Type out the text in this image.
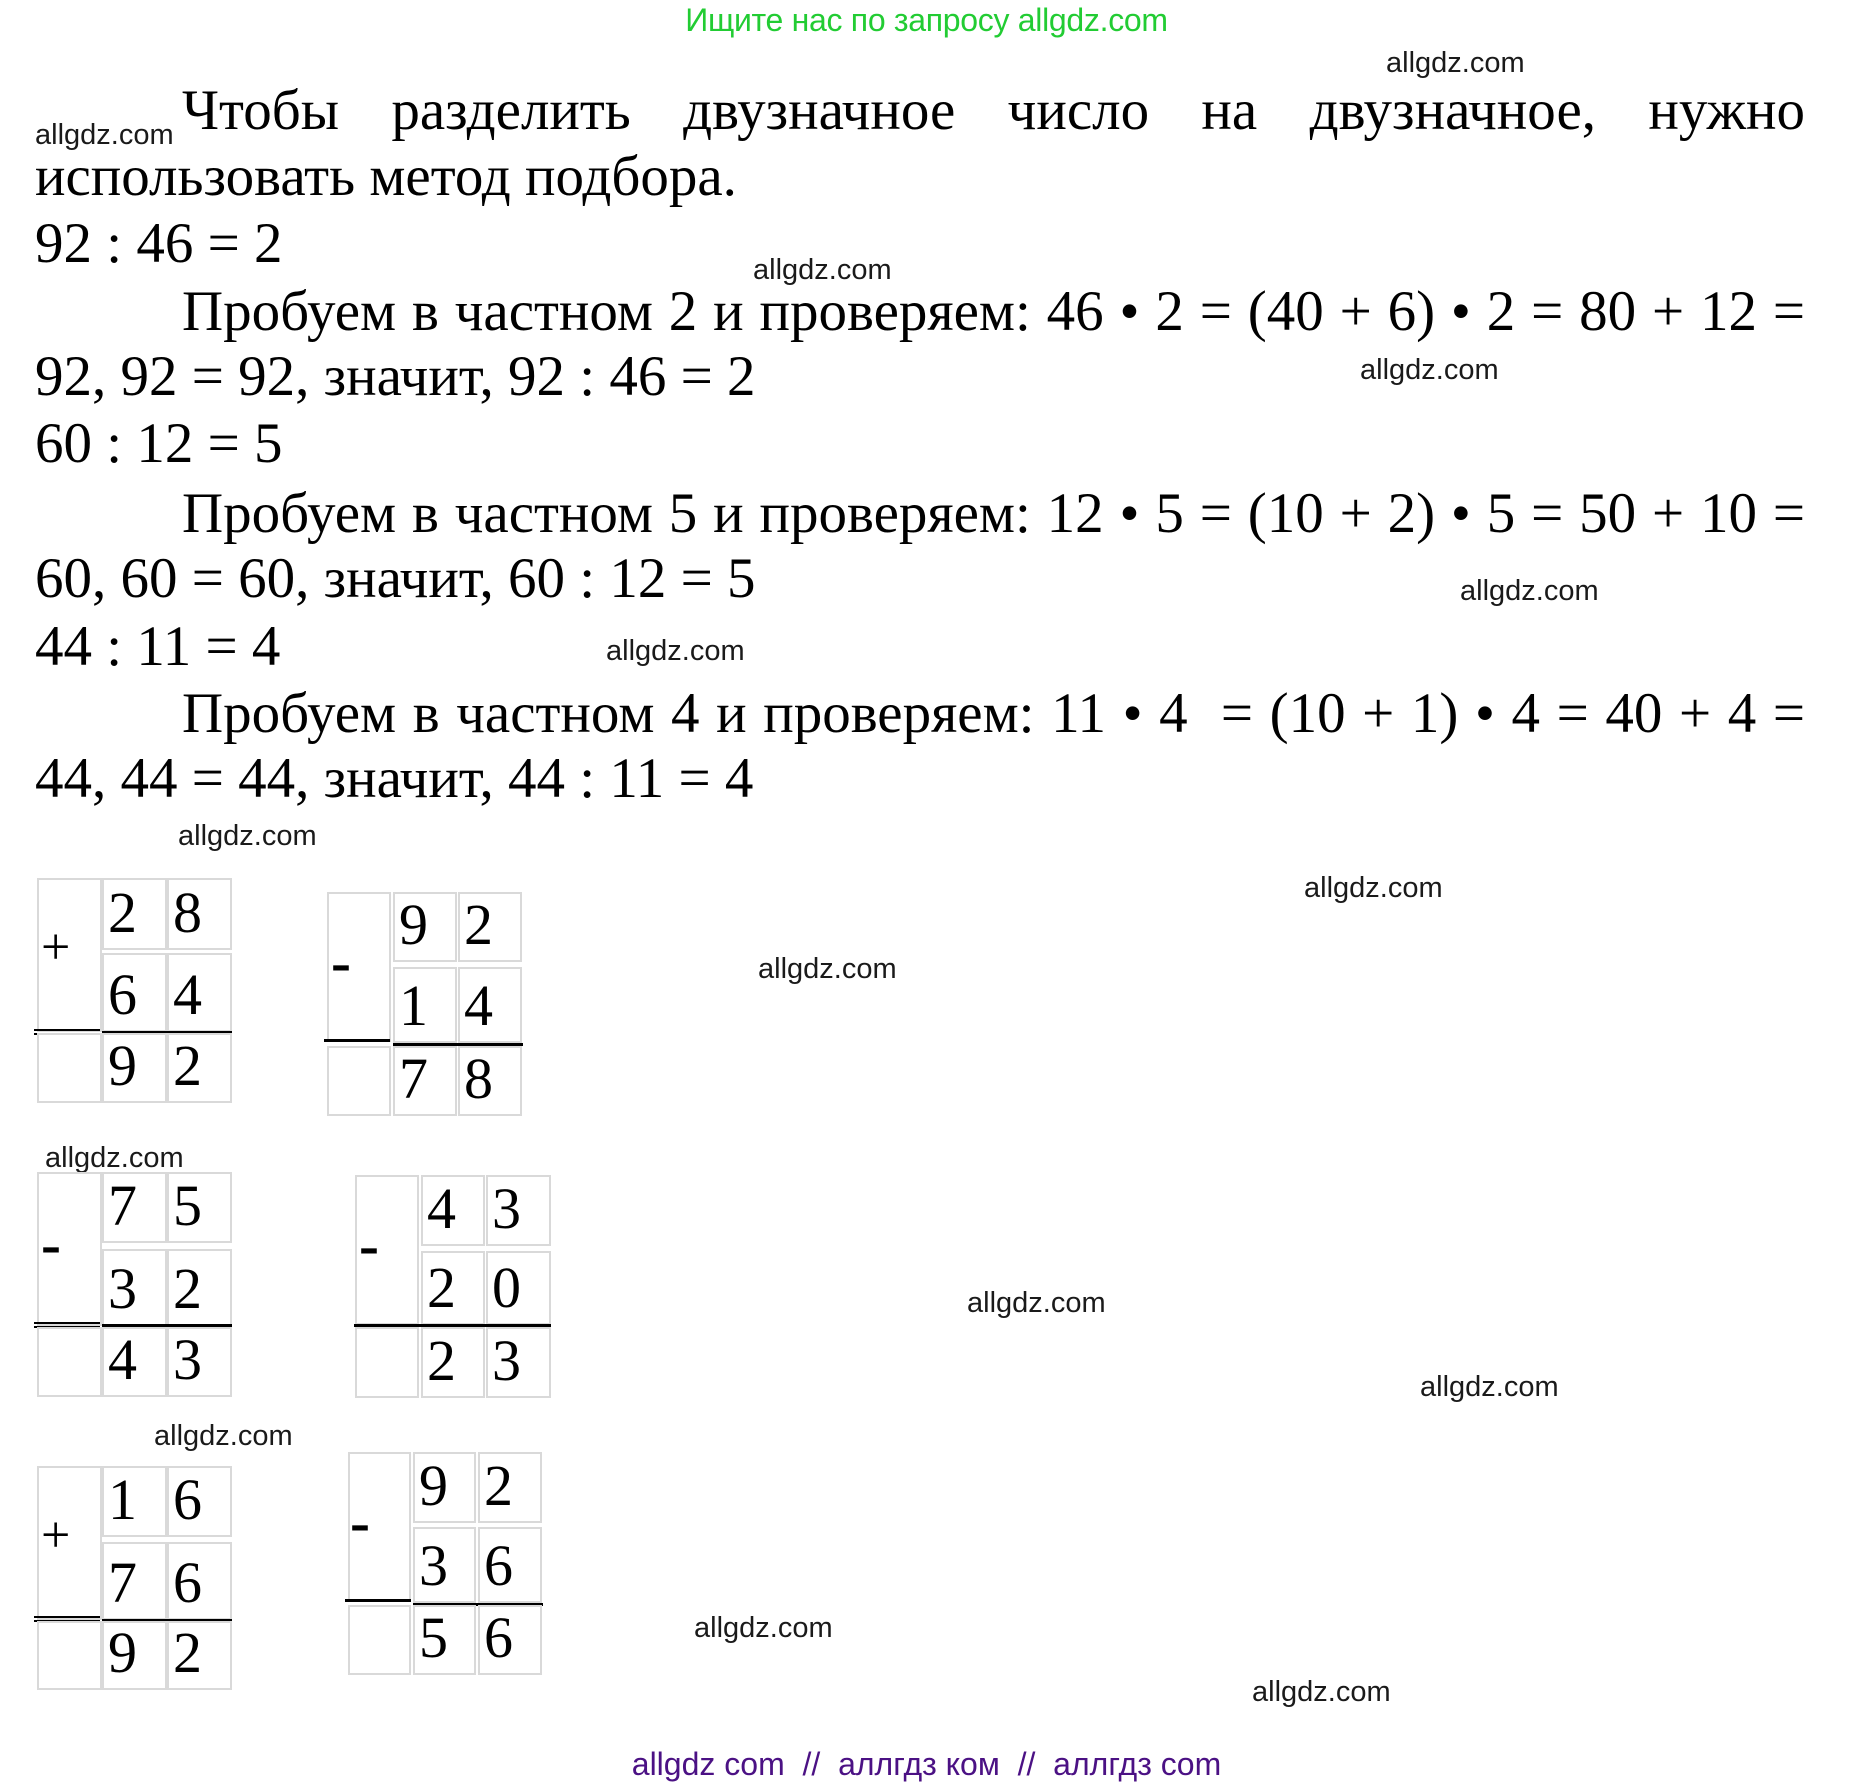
Ищите нас по запросу allgdz.com
Чтобы разделить двузначное число на двузначное, нужно
использовать метод подбора.
92 : 46 = 2
Пробуем в частном 2 и проверяем: 46 • 2 = (40 + 6) • 2 = 80 + 12 =
92, 92 = 92, значит, 92 : 46 = 2
60 : 12 = 5
Пробуем в частном 5 и проверяем: 12 • 5 = (10 + 2) • 5 = 50 + 10 =
60, 60 = 60, значит, 60 : 12 = 5
44 : 11 = 4
Пробуем в частном 4 и проверяем: 11 • 4  = (10 + 1) • 4 = 40 + 4 =
44, 44 = 44, значит, 44 : 11 = 4
allgdz.com
allgdz.com
allgdz.com
allgdz.com
allgdz.com
allgdz.com
allgdz.com
allgdz.com
allgdz.com
allgdz.com
allgdz.com
allgdz.com
allgdz.com
allgdz.com
allgdz.com
+
2 8
6 4
9 2
-
9 2
1 4
7 8
-
7 5
3 2
4 3
-
4 3
2 0
2 3
+
1 6
7 6
9 2
-
9 2
3 6
5 6
allgdz com  //  аллгдз ком  //  аллгдз com
